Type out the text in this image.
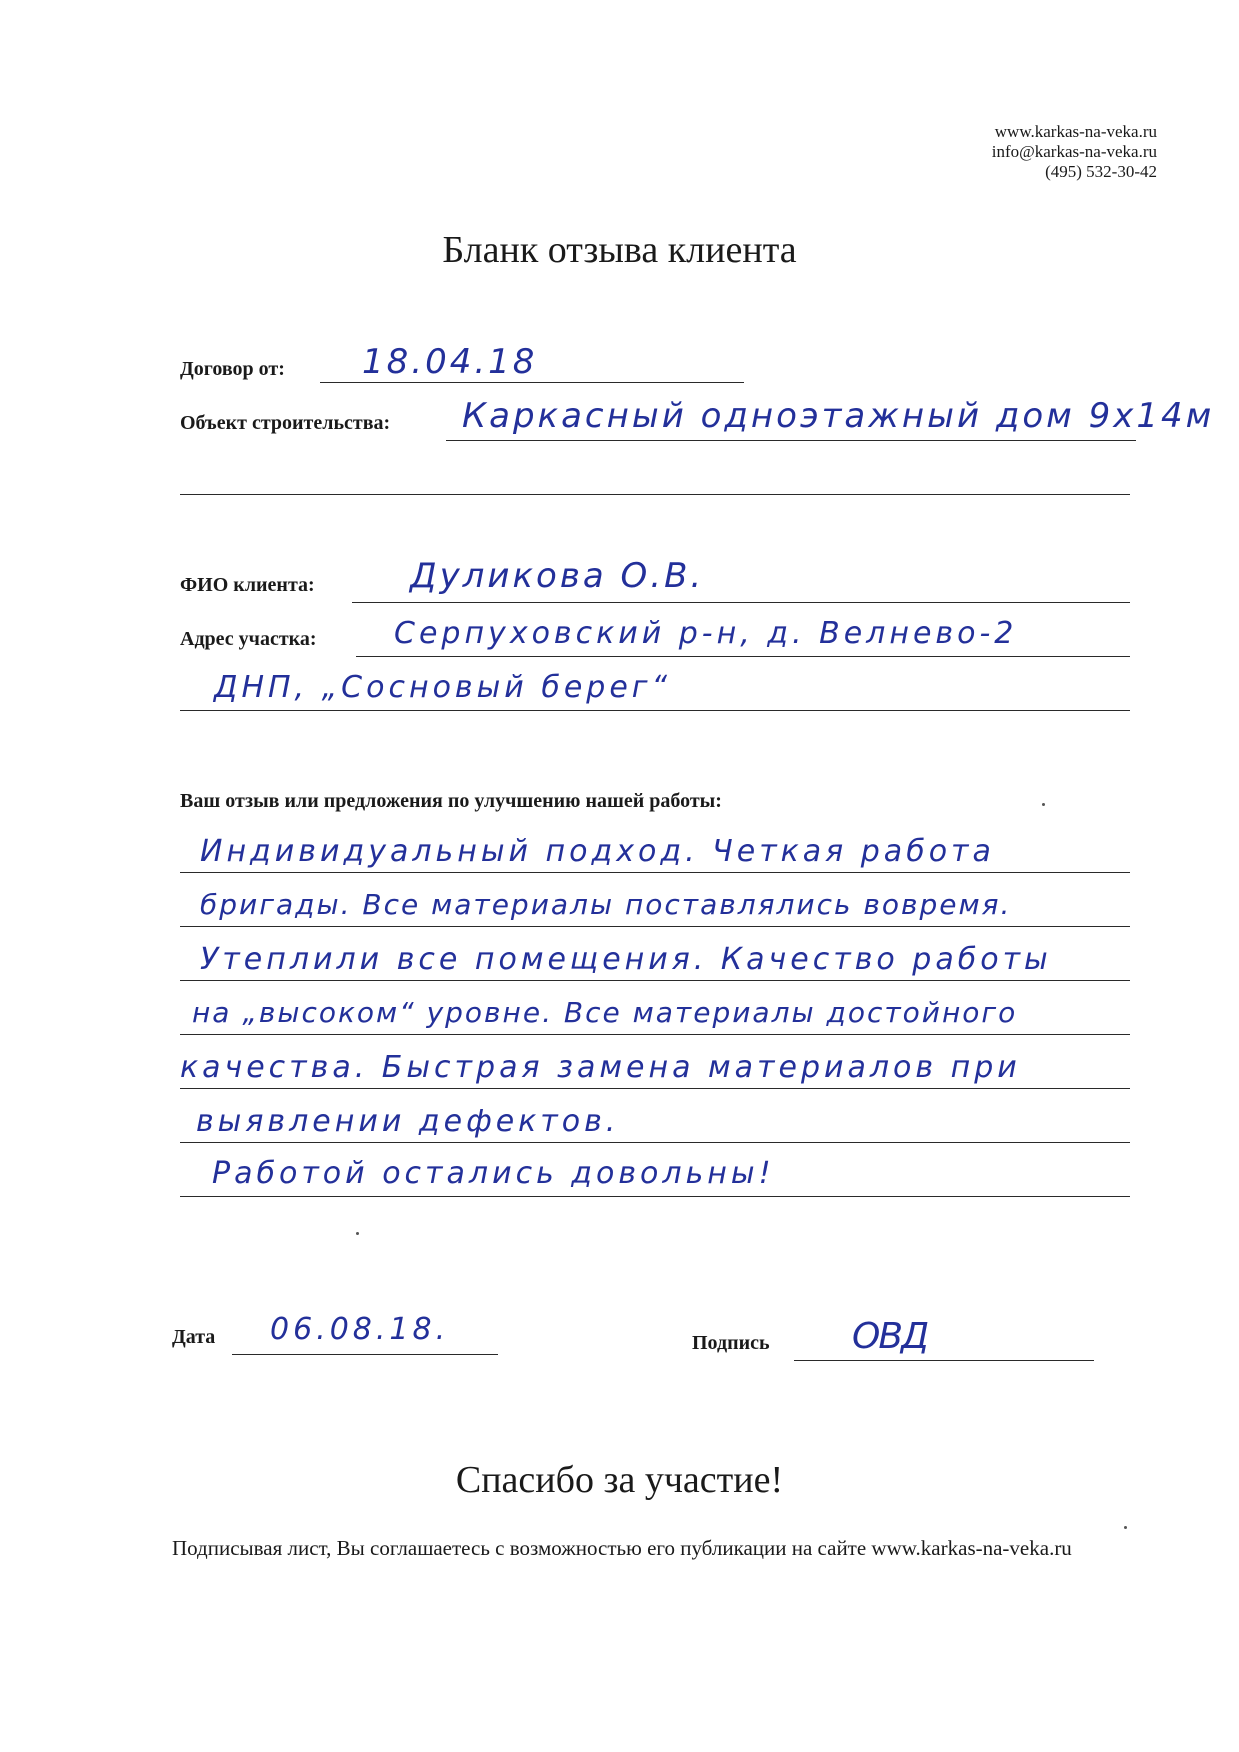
www.karkas-na-veka.ru
info@karkas-na-veka.ru
(495) 532-30-42
Бланк отзыва клиента
Договор от: 18.04.18
Объект строительства: Каркасный одноэтажный дом 9х14м
ФИО клиента:	Дуликова О.В.
Адрес участка:	Серпуховский р-н, д. Велнево-2
ДНП, „Сосновый берег“
Ваш отзыв или предложения по улучшению нашей работы:
Индивидуальный подход. Четкая работа
бригады. Все материалы поставлялись вовремя.
Утеплили все помещения. Качество работы
на „высоком“ уровне. Все материалы достойного
качества. Быстрая замена материалов при
выявлении дефектов.
Работой остались довольны!
Дата 06.08.18.	Подпись ОВД
Спасибо за участие!
Подписывая лист, Вы соглашаетесь с возможностью его публикации на сайте www.karkas-na-veka.ru
